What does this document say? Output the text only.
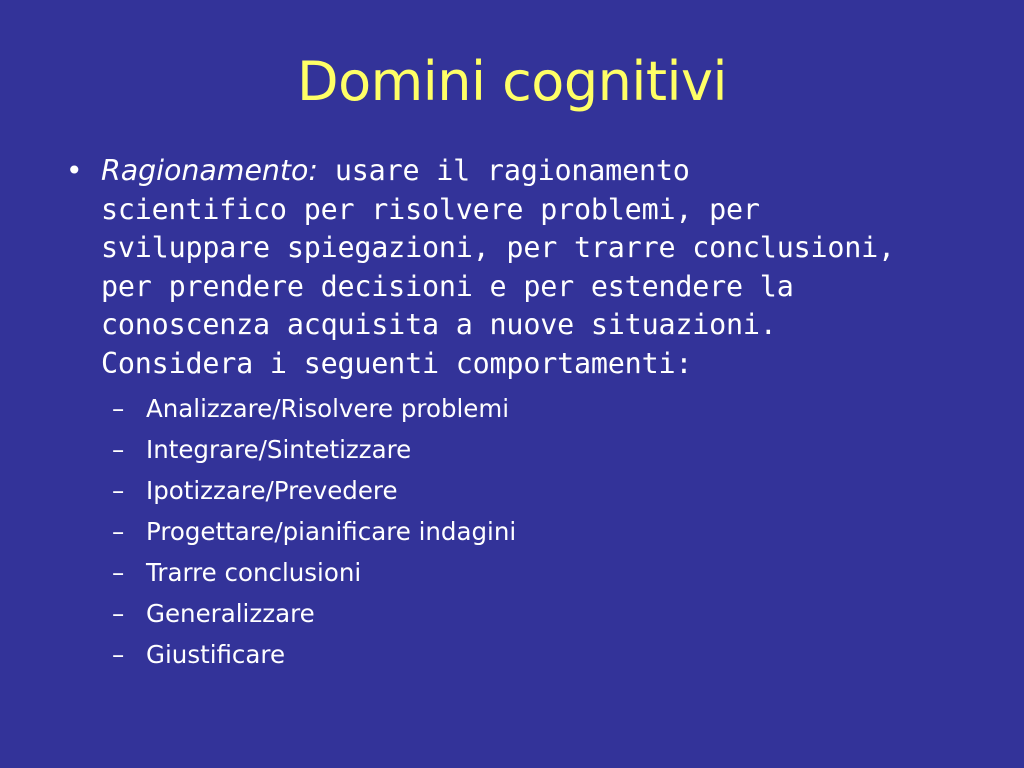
Domini cognitivi
• Ragionamento: usare il ragionamento
scientifico per risolvere problemi, per
sviluppare spiegazioni, per trarre conclusioni,
per prendere decisioni e per estendere la
conoscenza acquisita a nuove situazioni.
Considera i seguenti comportamenti:
– Analizzare/Risolvere problemi
– Integrare/Sintetizzare
– Ipotizzare/Prevedere
– Progettare/pianificare indagini
– Trarre conclusioni
– Generalizzare
– Giustificare
